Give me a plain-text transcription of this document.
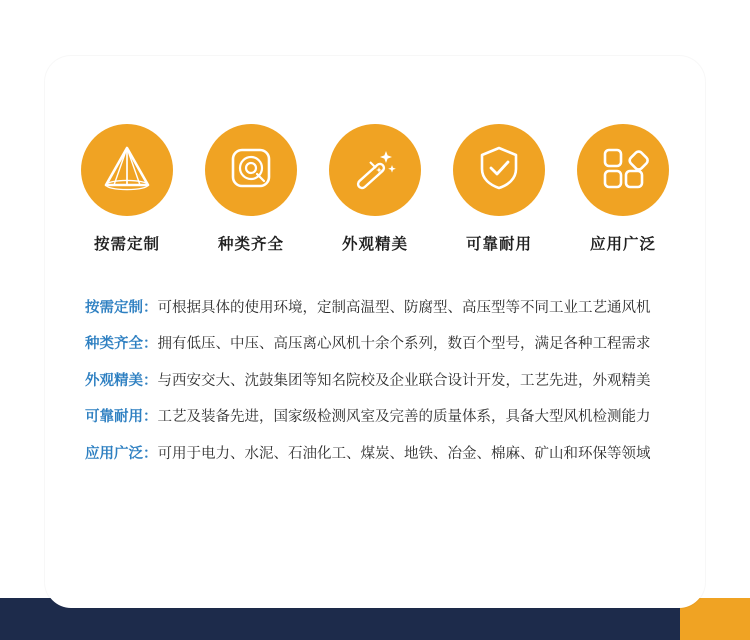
按需定制	种类齐全	外观精美	可靠耐用	应用广泛
按需定制：可根据具体的使用环境，定制高温型、防腐型、高压型等不同工业工艺通风机
种类齐全：拥有低压、中压、高压离心风机十余个系列，数百个型号，满足各种工程需求
外观精美：与西安交大、沈鼓集团等知名院校及企业联合设计开发，工艺先进，外观精美
可靠耐用：工艺及装备先进，国家级检测风室及完善的质量体系，具备大型风机检测能力
应用广泛：可用于电力、水泥、石油化工、煤炭、地铁、冶金、棉麻、矿山和环保等领域
